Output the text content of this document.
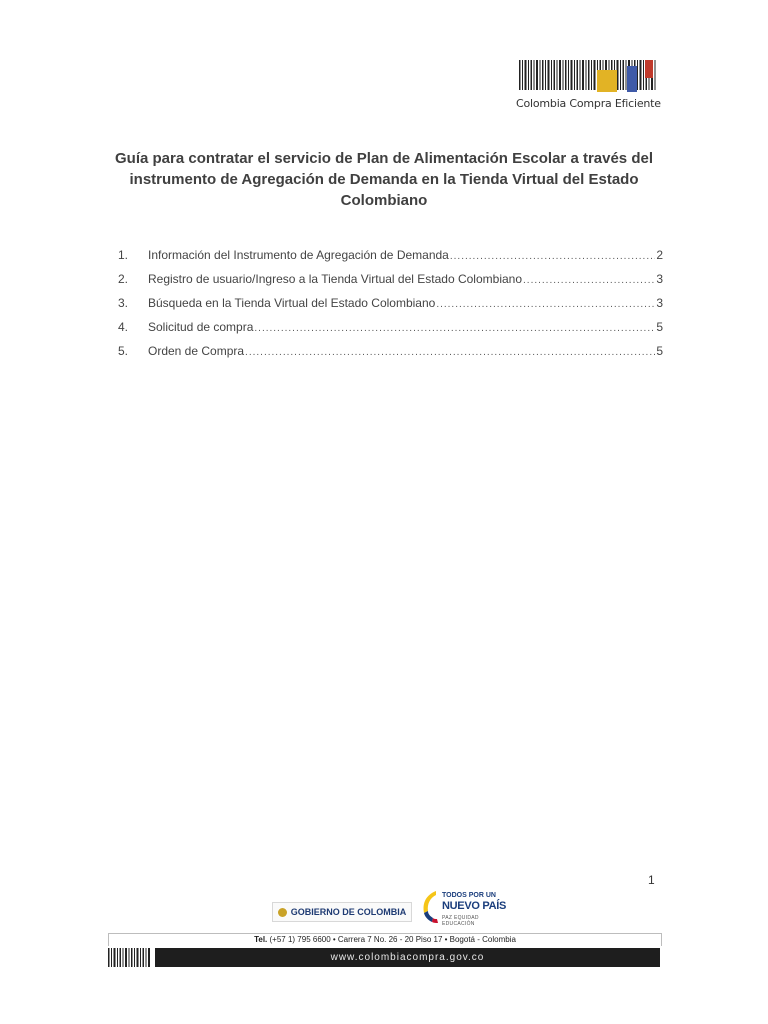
Colombia Compra Eficiente
Guía para contratar el servicio de Plan de Alimentación Escolar a través del instrumento de Agregación de Demanda en la Tienda Virtual del Estado Colombiano
1.	Información del Instrumento de Agregación de Demanda .....	2
2.	Registro de usuario/Ingreso a la Tienda Virtual del Estado Colombiano .....	3
3.	Búsqueda en la Tienda Virtual del Estado Colombiano .....	3
4.	Solicitud de compra .....	5
5.	Orden de Compra .....	5
1
GOBIERNO DE COLOMBIA
TODOS POR UN
NUEVO PAÍS
PAZ EQUIDAD EDUCACIÓN
Tel. (+57 1) 795 6600 • Carrera 7 No. 26 - 20 Piso 17 • Bogotá - Colombia
www.colombiacompra.gov.co
